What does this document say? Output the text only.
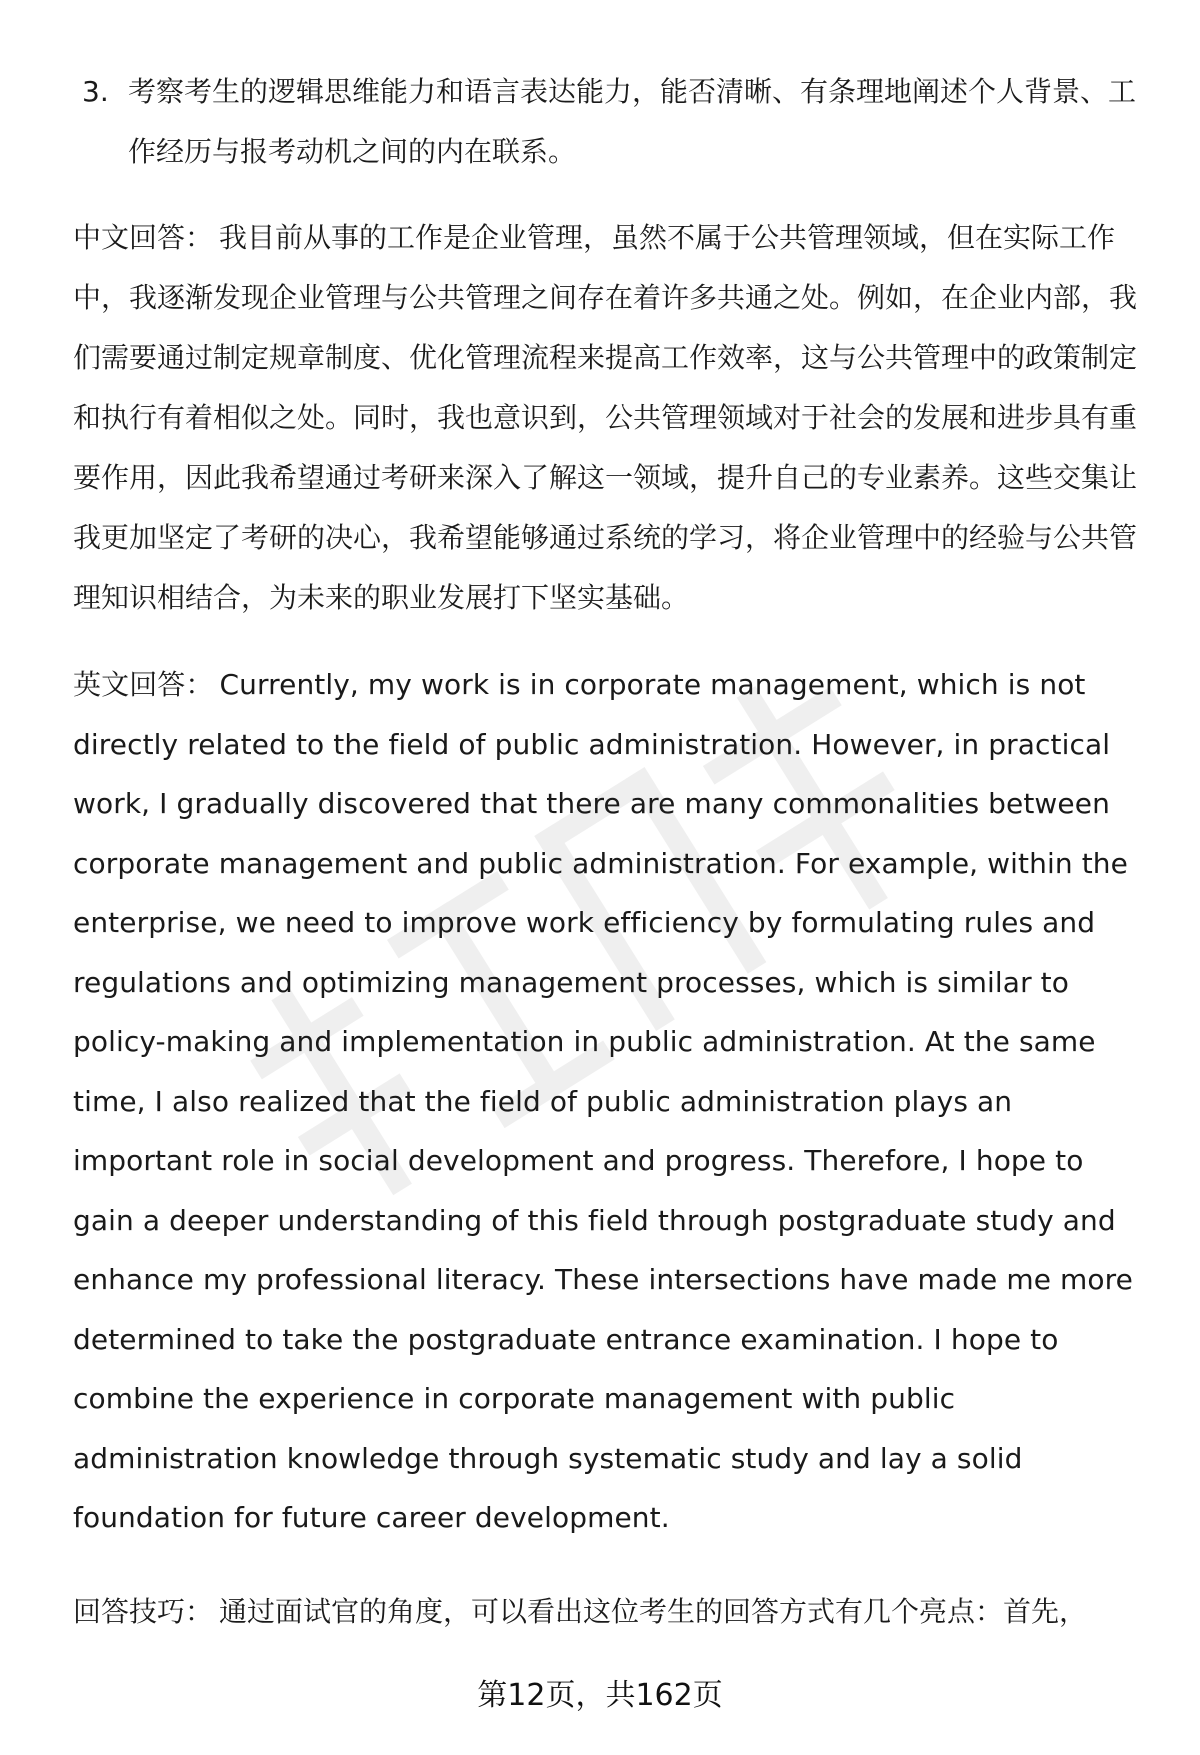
3. 考察考生的逻辑思维能力和语言表达能力，能否清晰、有条理地阐述个人背景、工作经历与报考动机之间的内在联系。
中文回答： 我目前从事的工作是企业管理，虽然不属于公共管理领域，但在实际工作中，我逐渐发现企业管理与公共管理之间存在着许多共通之处。例如，在企业内部，我们需要通过制定规章制度、优化管理流程来提高工作效率，这与公共管理中的政策制定和执行有着相似之处。同时，我也意识到，公共管理领域对于社会的发展和进步具有重要作用，因此我希望通过考研来深入了解这一领域，提升自己的专业素养。这些交集让我更加坚定了考研的决心，我希望能够通过系统的学习，将企业管理中的经验与公共管理知识相结合，为未来的职业发展打下坚实基础。
英文回答： Currently, my work is in corporate management, which is not directly related to the field of public administration. However, in practical work, I gradually discovered that there are many commonalities between corporate management and public administration. For example, within the enterprise, we need to improve work efficiency by formulating rules and regulations and optimizing management processes, which is similar to policy-making and implementation in public administration. At the same time, I also realized that the field of public administration plays an important role in social development and progress. Therefore, I hope to gain a deeper understanding of this field through postgraduate study and enhance my professional literacy. These intersections have made me more determined to take the postgraduate entrance examination. I hope to combine the experience in corporate management with public administration knowledge through systematic study and lay a solid foundation for future career development.
回答技巧： 通过面试官的角度，可以看出这位考生的回答方式有几个亮点：首先，
第12页，共162页
